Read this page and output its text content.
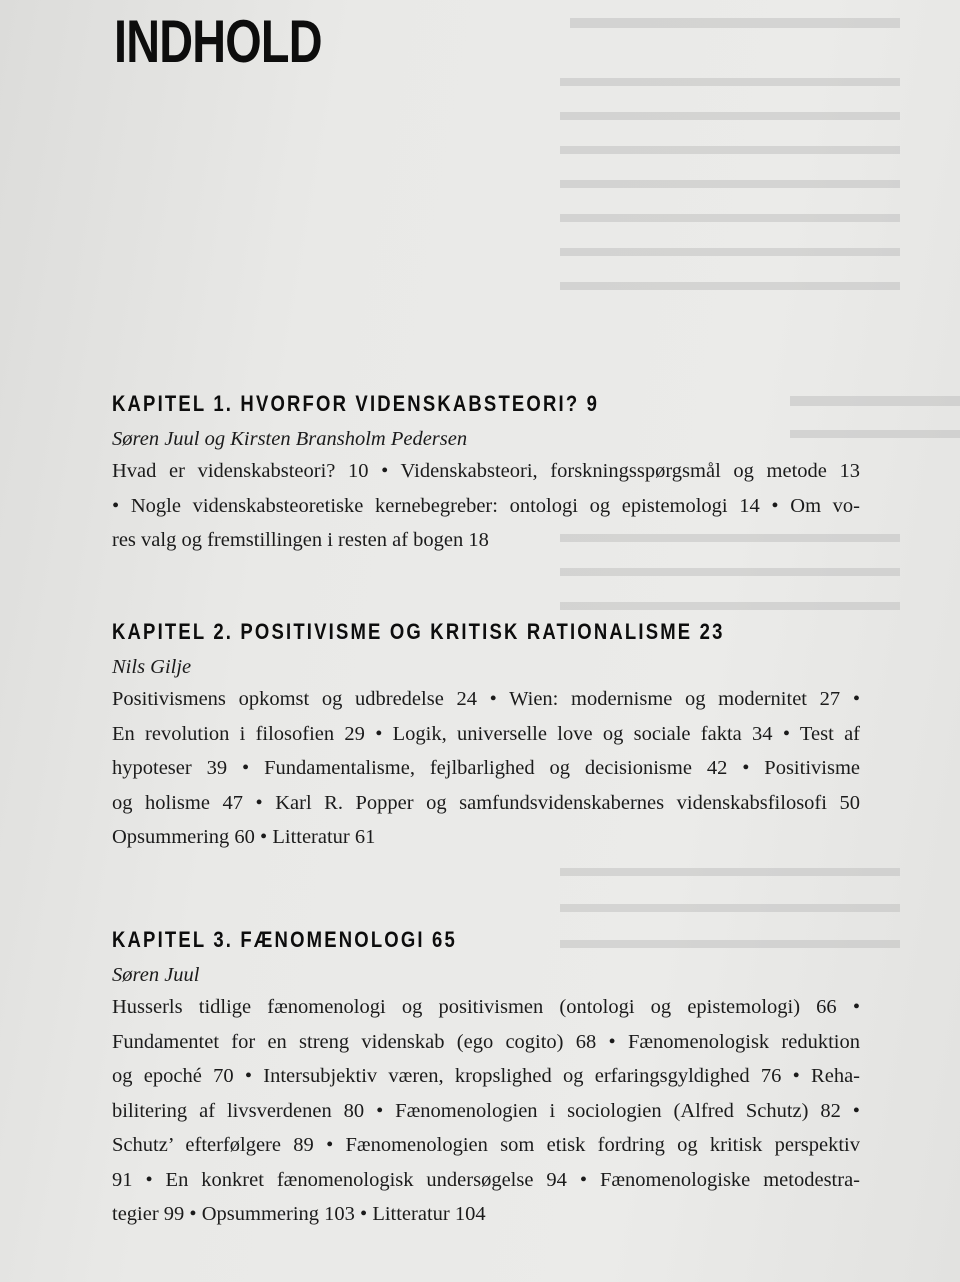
INDHOLD
KAPITEL 1. HVORFOR VIDENSKABSTEORI? 9
Søren Juul og Kirsten Bransholm Pedersen
Hvad er videnskabsteori? 10 • Videnskabsteori, forskningsspørgsmål og metode 13
• Nogle videnskabsteoretiske kernebegreber: ontologi og epistemologi 14 • Om vo-
res valg og fremstillingen i resten af bogen 18
KAPITEL 2. POSITIVISME OG KRITISK RATIONALISME 23
Nils Gilje
Positivismens opkomst og udbredelse 24 • Wien: modernisme og modernitet 27 •
En revolution i filosofien 29 • Logik, universelle love og sociale fakta 34 • Test af
hypoteser 39 • Fundamentalisme, fejlbarlighed og decisionisme 42 • Positivisme
og holisme 47 • Karl R. Popper og samfundsvidenskabernes videnskabsfilosofi 50
Opsummering 60 • Litteratur 61
KAPITEL 3. FÆNOMENOLOGI 65
Søren Juul
Husserls tidlige fænomenologi og positivismen (ontologi og epistemologi) 66 •
Fundamentet for en streng videnskab (ego cogito) 68 • Fænomenologisk reduktion
og epoché 70 • Intersubjektiv væren, kropslighed og erfaringsgyldighed 76 • Reha-
bilitering af livsverdenen 80 • Fænomenologien i sociologien (Alfred Schutz) 82 •
Schutz’ efterfølgere 89 • Fænomenologien som etisk fordring og kritisk perspektiv
91 • En konkret fænomenologisk undersøgelse 94 • Fænomenologiske metodestra-
tegier 99 • Opsummering 103 • Litteratur 104
